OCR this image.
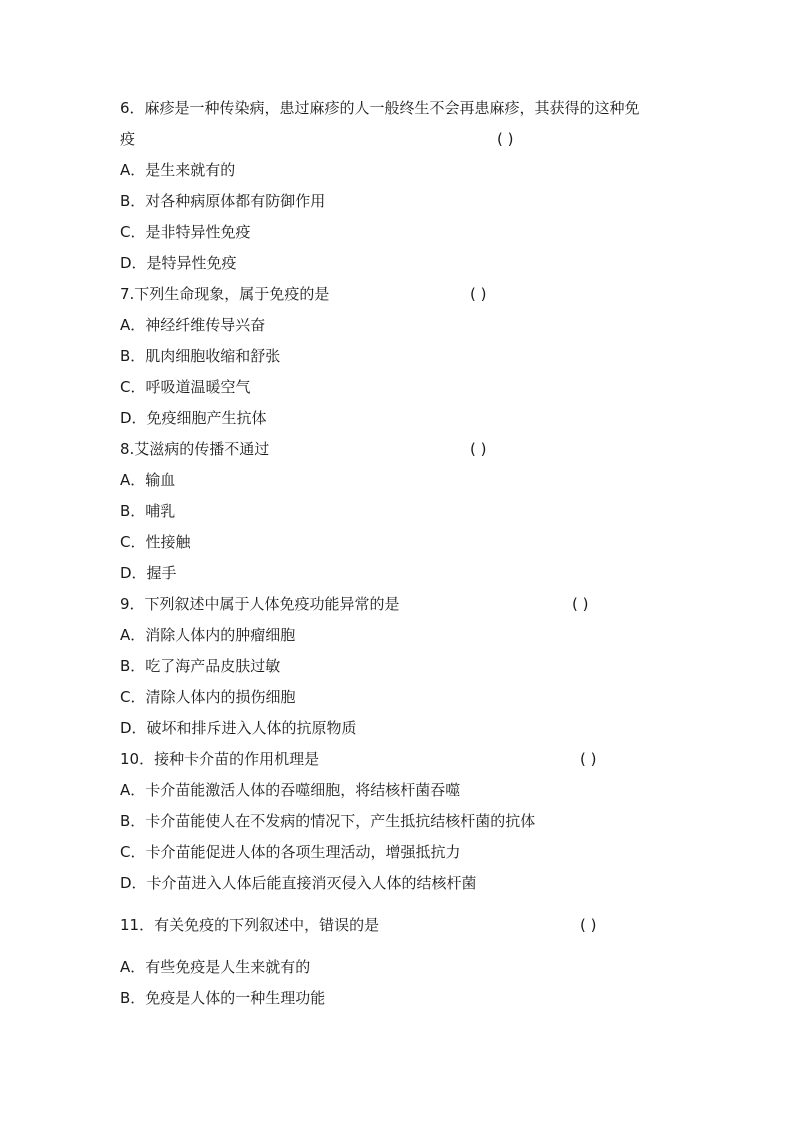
6．麻疹是一种传染病，患过麻疹的人一般终生不会再患麻疹，其获得的这种免
疫	( )
A．是生来就有的
B．对各种病原体都有防御作用
C．是非特异性免疫
D．是特异性免疫
7.下列生命现象，属于免疫的是	( )
A．神经纤维传导兴奋
B．肌肉细胞收缩和舒张
C．呼吸道温暖空气
D．免疫细胞产生抗体
8.艾滋病的传播不通过	( )
A．输血
B．哺乳
C．性接触
D．握手
9．下列叙述中属于人体免疫功能异常的是	( )
A．消除人体内的肿瘤细胞
B．吃了海产品皮肤过敏
C．清除人体内的损伤细胞
D．破坏和排斥进入人体的抗原物质
10．接种卡介苗的作用机理是	( )
A．卡介苗能激活人体的吞噬细胞，将结核杆菌吞噬
B．卡介苗能使人在不发病的情况下，产生抵抗结核杆菌的抗体
C．卡介苗能促进人体的各项生理活动，增强抵抗力
D．卡介苗进入人体后能直接消灭侵入人体的结核杆菌
11．有关免疫的下列叙述中，错误的是	( )
A．有些免疫是人生来就有的
B．免疫是人体的一种生理功能
